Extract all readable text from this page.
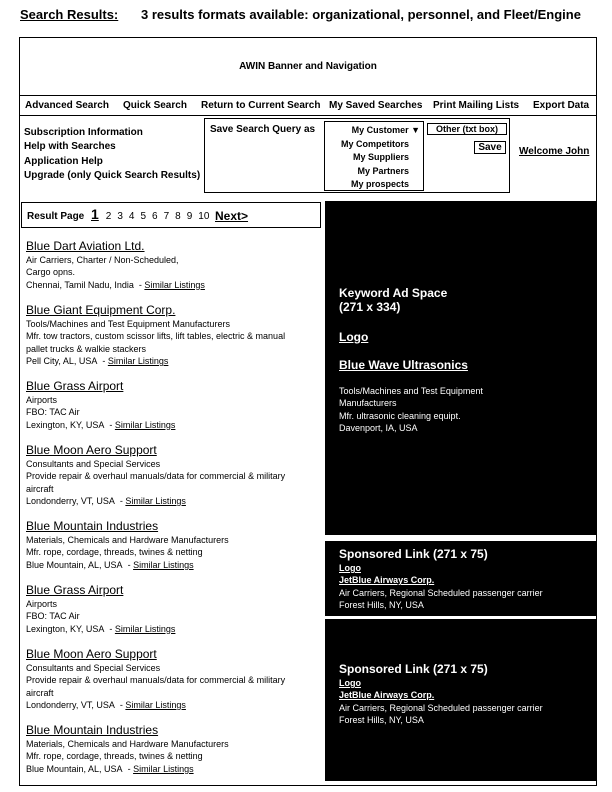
Search Results: 3 results formats available: organizational, personnel, and Fleet/Engine
AWIN Banner and Navigation
Advanced Search Quick Search Return to Current Search My Saved Searches Print Mailing Lists Export Data
Subscription Information
Help with Searches
Application Help
Upgrade (only Quick Search Results)
Save Search Query as	My Customer ▼
My Competitors
My Suppliers
My Partners
My prospects
Other (txt box)
Save	Welcome John
Result Page 1 2 3 4 5 6 7 8 9 10 Next>
Blue Dart Aviation Ltd.
Air Carriers, Charter / Non-Scheduled,
Cargo opns.
Chennai, Tamil Nadu, India  - Similar Listings
Blue Giant Equipment Corp.
Tools/Machines and Test Equipment Manufacturers
Mfr. tow tractors, custom scissor lifts, lift tables, electric & manual
pallet trucks & walkie stackers
Pell City, AL, USA  - Similar Listings
Blue Grass Airport
Airports
FBO: TAC Air
Lexington, KY, USA  - Similar Listings
Blue Moon Aero Support
Consultants and Special Services
Provide repair & overhaul manuals/data for commercial & military
aircraft
Londonderry, VT, USA  - Similar Listings
Blue Mountain Industries
Materials, Chemicals and Hardware Manufacturers
Mfr. rope, cordage, threads, twines & netting
Blue Mountain, AL, USA  - Similar Listings
Blue Grass Airport
Airports
FBO: TAC Air
Lexington, KY, USA  - Similar Listings
Blue Moon Aero Support
Consultants and Special Services
Provide repair & overhaul manuals/data for commercial & military
aircraft
Londonderry, VT, USA  - Similar Listings
Blue Mountain Industries
Materials, Chemicals and Hardware Manufacturers
Mfr. rope, cordage, threads, twines & netting
Blue Mountain, AL, USA  - Similar Listings
Keyword Ad Space
(271 x 334)
Logo
Blue Wave Ultrasonics
Tools/Machines and Test Equipment
Manufacturers
Mfr. ultrasonic cleaning equipt.
Davenport, IA, USA
Sponsored Link (271 x 75)
Logo
JetBlue Airways Corp.
Air Carriers, Regional Scheduled passenger carrier
Forest Hills, NY, USA
Sponsored Link (271 x 75)
Logo
JetBlue Airways Corp.
Air Carriers, Regional Scheduled passenger carrier
Forest Hills, NY, USA
